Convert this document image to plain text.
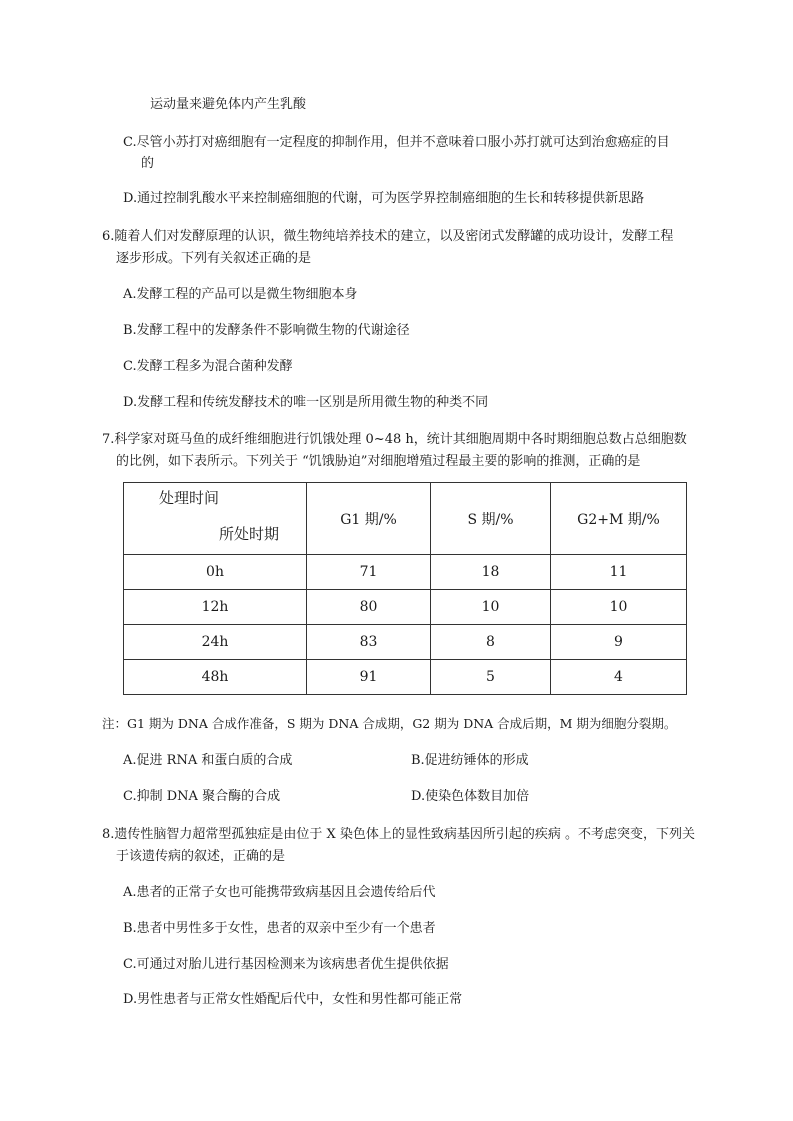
运动量来避免体内产生乳酸
C.尽管小苏打对癌细胞有一定程度的抑制作用，但并不意味着口服小苏打就可达到治愈癌症的目
的
D.通过控制乳酸水平来控制癌细胞的代谢，可为医学界控制癌细胞的生长和转移提供新思路
6.随着人们对发酵原理的认识，微生物纯培养技术的建立，以及密闭式发酵罐的成功设计，发酵工程
逐步形成。下列有关叙述正确的是
A.发酵工程的产品可以是微生物细胞本身
B.发酵工程中的发酵条件不影响微生物的代谢途径
C.发酵工程多为混合菌种发酵
D.发酵工程和传统发酵技术的唯一区别是所用微生物的种类不同
7.科学家对斑马鱼的成纤维细胞进行饥饿处理 0~48 h，统计其细胞周期中各时期细胞总数占总细胞数
的比例，如下表所示。下列关于 “饥饿胁迫”对细胞增殖过程最主要的影响的推测，正确的是
处理时间
所处时期	G1 期/%	S 期/%	G2+M 期/%
0h	71	18	11
12h	80	10	10
24h	83	8	9
48h	91	5	4
注：G1 期为 DNA 合成作准备，S 期为 DNA 合成期，G2 期为 DNA 合成后期，M 期为细胞分裂期。
A.促进 RNA 和蛋白质的合成	B.促进纺锤体的形成
C.抑制 DNA 聚合酶的合成	D.使染色体数目加倍
8.遗传性脑智力超常型孤独症是由位于 X 染色体上的显性致病基因所引起的疾病 。不考虑突变，下列关
于该遗传病的叙述，正确的是
A.患者的正常子女也可能携带致病基因且会遗传给后代
B.患者中男性多于女性，患者的双亲中至少有一个患者
C.可通过对胎儿进行基因检测来为该病患者优生提供依据
D.男性患者与正常女性婚配后代中，女性和男性都可能正常
